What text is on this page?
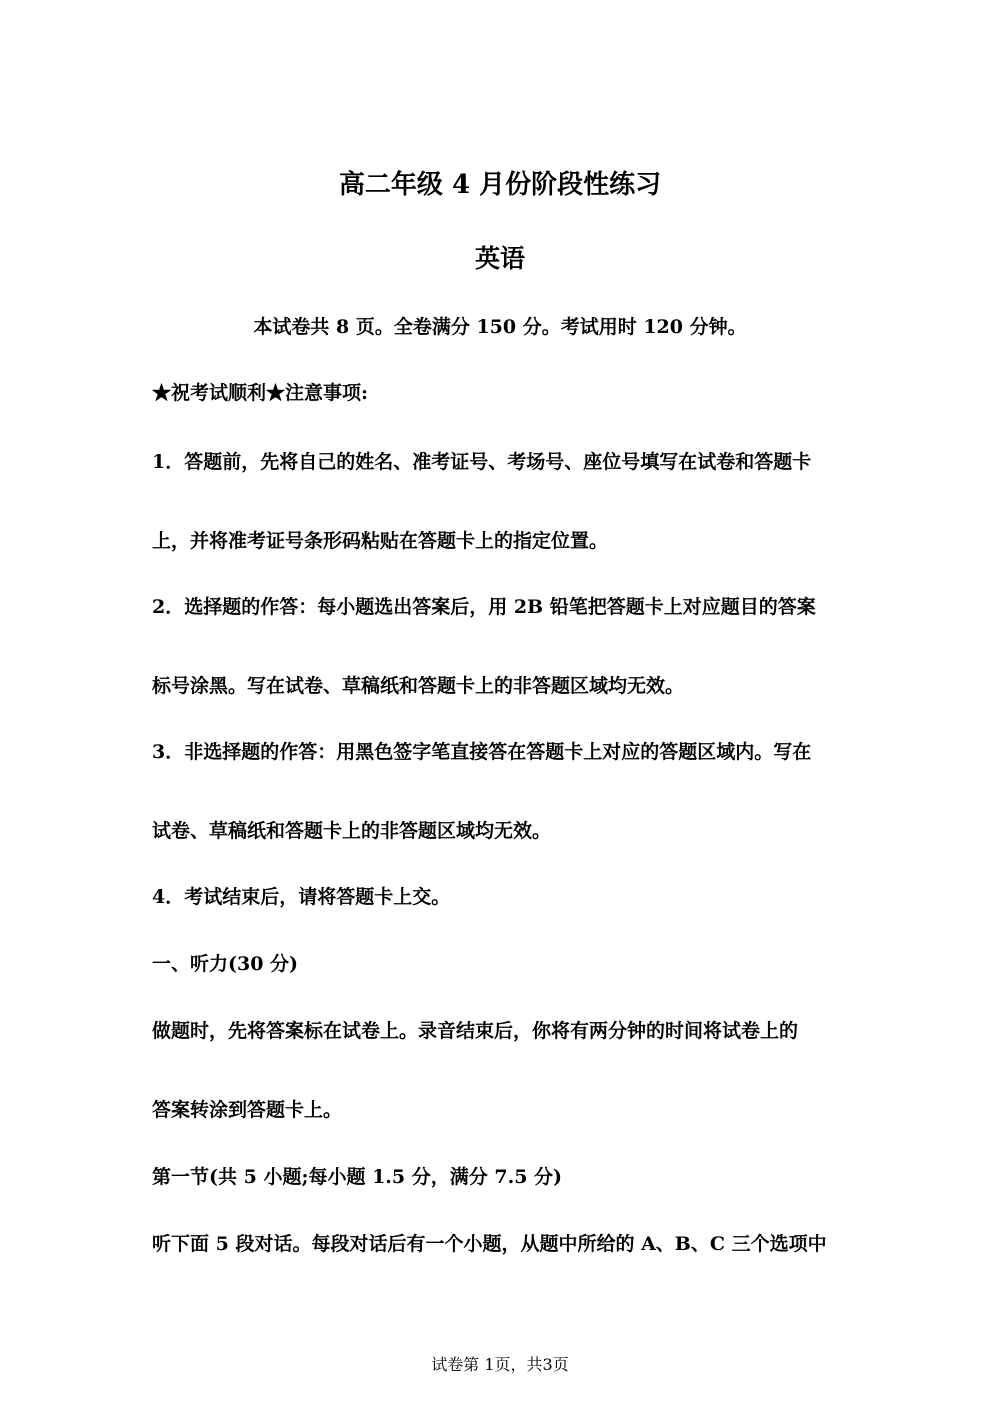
高二年级 4 月份阶段性练习
英语
本试卷共 8 页。全卷满分 150 分。考试用时 120 分钟。
★祝考试顺利★注意事项:
1．答题前，先将自己的姓名、准考证号、考场号、座位号填写在试卷和答题卡
上，并将准考证号条形码粘贴在答题卡上的指定位置。
2．选择题的作答：每小题选出答案后，用 2B 铅笔把答题卡上对应题目的答案
标号涂黑。写在试卷、草稿纸和答题卡上的非答题区域均无效。
3．非选择题的作答：用黑色签字笔直接答在答题卡上对应的答题区域内。写在
试卷、草稿纸和答题卡上的非答题区域均无效。
4．考试结束后，请将答题卡上交。
一、听力(30 分)
做题时，先将答案标在试卷上。录音结束后，你将有两分钟的时间将试卷上的
答案转涂到答题卡上。
第一节(共 5 小题;每小题 1.5 分，满分 7.5 分)
听下面 5 段对话。每段对话后有一个小题，从题中所给的 A、B、C 三个选项中
试卷第 1页，共3页
